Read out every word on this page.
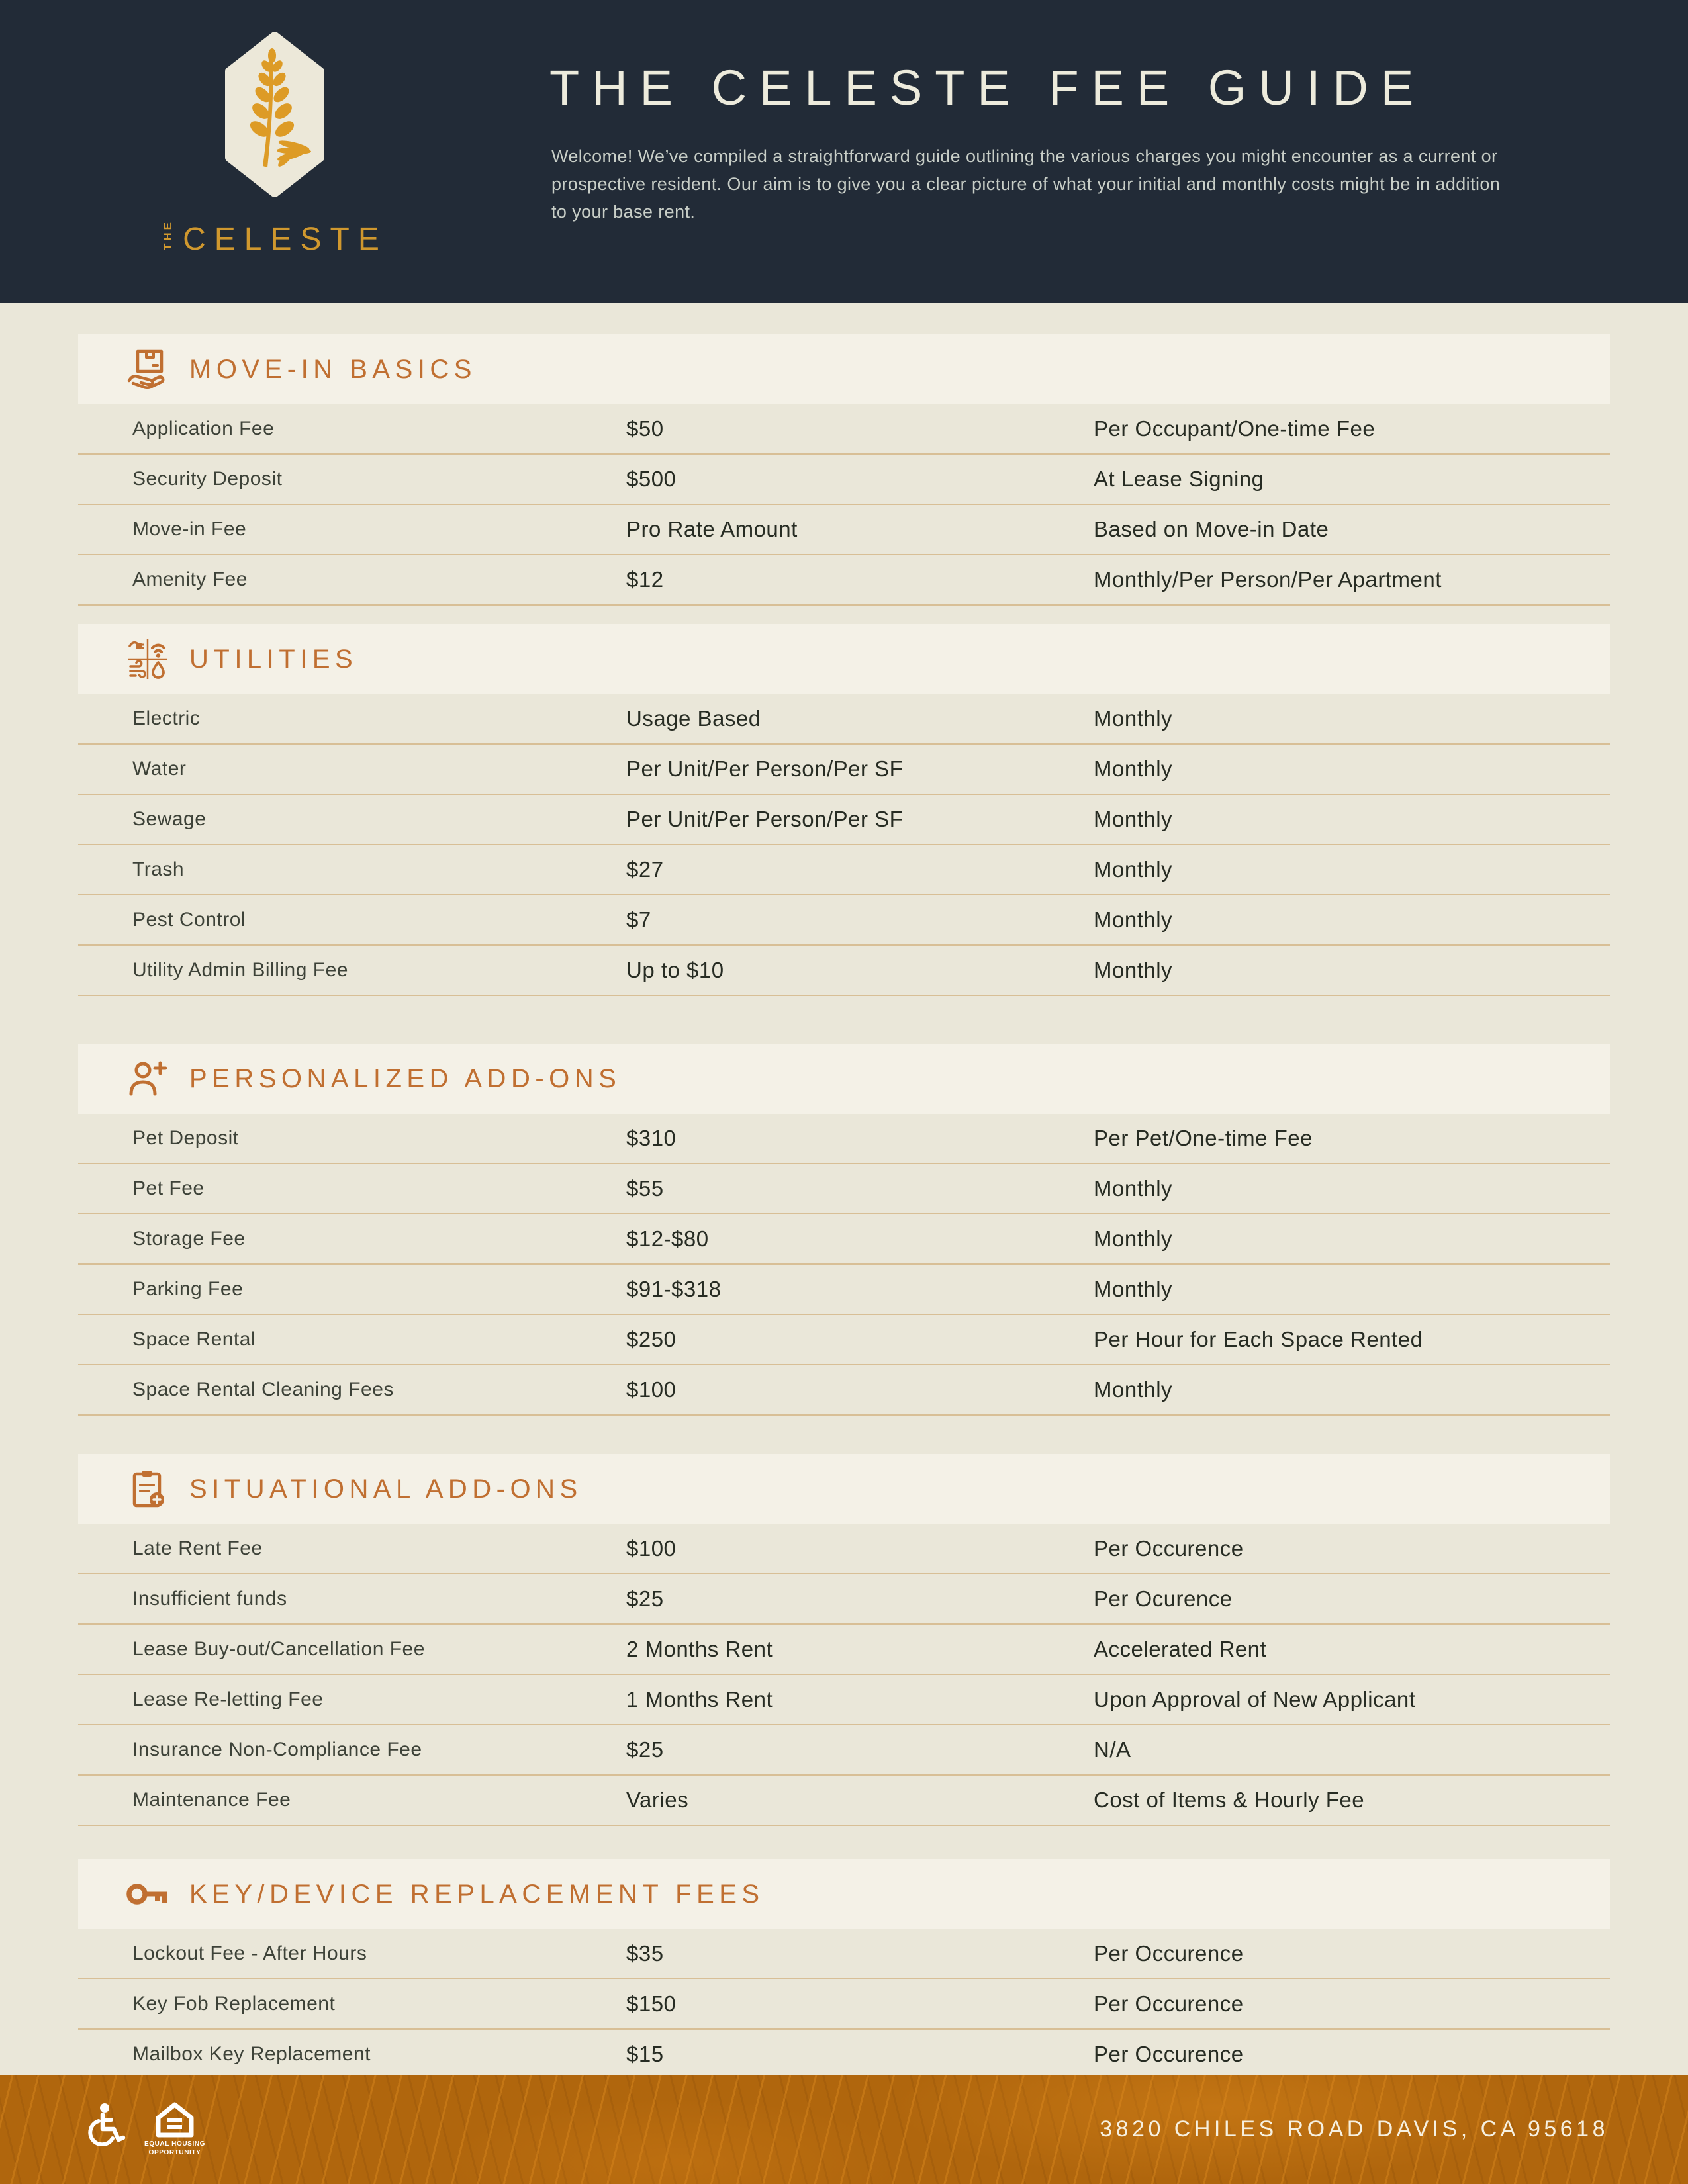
THE CELESTE
THE CELESTE FEE GUIDE

Welcome! We’ve compiled a straightforward guide outlining the various charges you might encounter as a current or prospective resident. Our aim is to give you a clear picture of what your initial and monthly costs might be in addition to your base rent.

MOVE-IN BASICS
Application Fee	$50	Per Occupant/One-time Fee
Security Deposit	$500	At Lease Signing
Move-in Fee	Pro Rate Amount	Based on Move-in Date
Amenity Fee	$12	Monthly/Per Person/Per Apartment
UTILITIES
Electric	Usage Based	Monthly
Water	Per Unit/Per Person/Per SF	Monthly
Sewage	Per Unit/Per Person/Per SF	Monthly
Trash	$27	Monthly
Pest Control	$7	Monthly
Utility Admin Billing Fee	Up to $10	Monthly
PERSONALIZED ADD-ONS
Pet Deposit	$310	Per Pet/One-time Fee
Pet Fee	$55	Monthly
Storage Fee	$12-$80	Monthly
Parking Fee	$91-$318	Monthly
Space Rental	$250	Per Hour for Each Space Rented
Space Rental Cleaning Fees	$100	Monthly
SITUATIONAL ADD-ONS
Late Rent Fee	$100	Per Occurence
Insufficient funds	$25	Per Ocurence
Lease Buy-out/Cancellation Fee	2 Months Rent	Accelerated Rent
Lease Re-letting Fee	1 Months Rent	Upon Approval of New Applicant
Insurance Non-Compliance Fee	$25	N/A
Maintenance Fee	Varies	Cost of Items & Hourly Fee
KEY/DEVICE REPLACEMENT FEES
Lockout Fee - After Hours	$35	Per Occurence
Key Fob Replacement	$150	Per Occurence
Mailbox Key Replacement	$15	Per Occurence
EQUAL HOUSING OPPORTUNITY
3820 CHILES ROAD DAVIS, CA 95618
